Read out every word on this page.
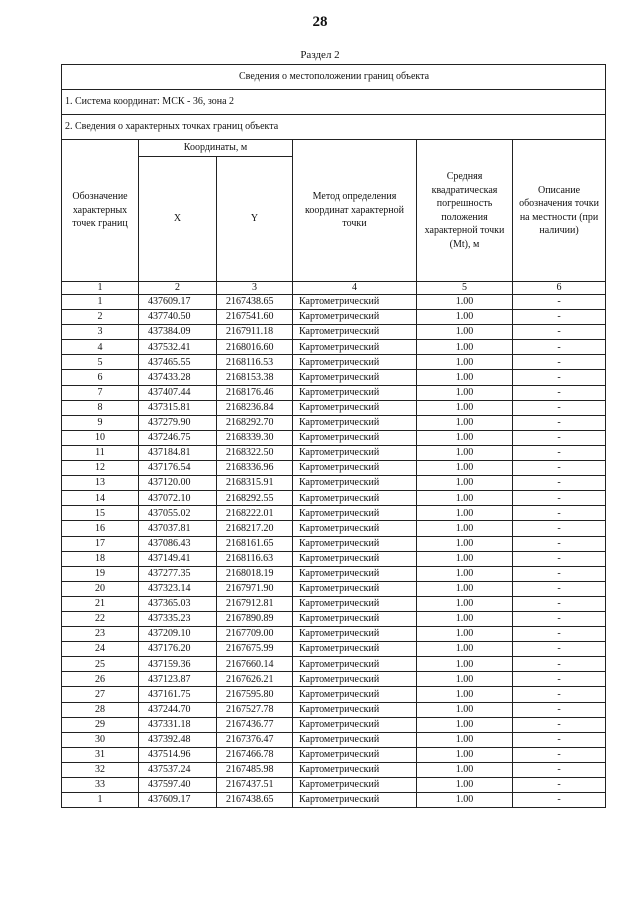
28
Раздел 2
Сведения о местоположении границ объекта					
1. Система координат: МСК - 36, зона 2					
2. Сведения о характерных точках границ объекта					
Обозначение характерных точек границ	Координаты, м		Метод определения координат характерной точки	Средняя квадратическая погрешность положения характерной точки (Mt), м	Описание обозначения точки на местности (при наличии)
	X	Y			
1	2	3	4	5	6
1	437609.17	2167438.65	Картометрический	1.00	-
2	437740.50	2167541.60	Картометрический	1.00	-
3	437384.09	2167911.18	Картометрический	1.00	-
4	437532.41	2168016.60	Картометрический	1.00	-
5	437465.55	2168116.53	Картометрический	1.00	-
6	437433.28	2168153.38	Картометрический	1.00	-
7	437407.44	2168176.46	Картометрический	1.00	-
8	437315.81	2168236.84	Картометрический	1.00	-
9	437279.90	2168292.70	Картометрический	1.00	-
10	437246.75	2168339.30	Картометрический	1.00	-
11	437184.81	2168322.50	Картометрический	1.00	-
12	437176.54	2168336.96	Картометрический	1.00	-
13	437120.00	2168315.91	Картометрический	1.00	-
14	437072.10	2168292.55	Картометрический	1.00	-
15	437055.02	2168222.01	Картометрический	1.00	-
16	437037.81	2168217.20	Картометрический	1.00	-
17	437086.43	2168161.65	Картометрический	1.00	-
18	437149.41	2168116.63	Картометрический	1.00	-
19	437277.35	2168018.19	Картометрический	1.00	-
20	437323.14	2167971.90	Картометрический	1.00	-
21	437365.03	2167912.81	Картометрический	1.00	-
22	437335.23	2167890.89	Картометрический	1.00	-
23	437209.10	2167709.00	Картометрический	1.00	-
24	437176.20	2167675.99	Картометрический	1.00	-
25	437159.36	2167660.14	Картометрический	1.00	-
26	437123.87	2167626.21	Картометрический	1.00	-
27	437161.75	2167595.80	Картометрический	1.00	-
28	437244.70	2167527.78	Картометрический	1.00	-
29	437331.18	2167436.77	Картометрический	1.00	-
30	437392.48	2167376.47	Картометрический	1.00	-
31	437514.96	2167466.78	Картометрический	1.00	-
32	437537.24	2167485.98	Картометрический	1.00	-
33	437597.40	2167437.51	Картометрический	1.00	-
1	437609.17	2167438.65	Картометрический	1.00	-
